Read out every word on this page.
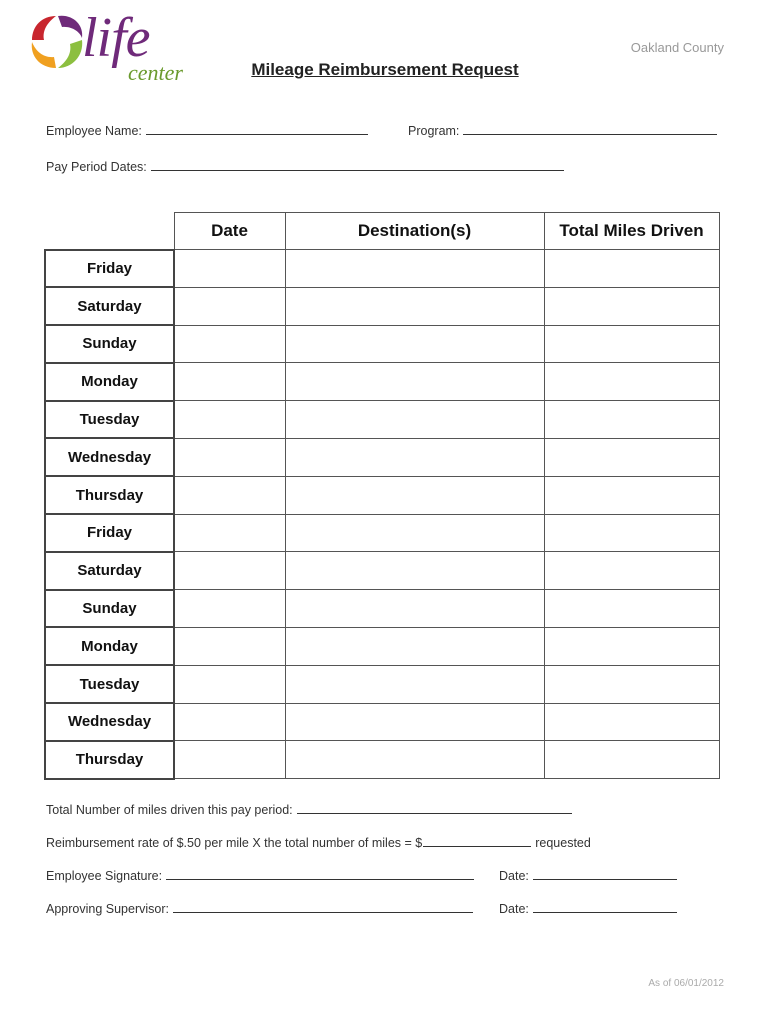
life
center
Oakland County
Mileage Reimbursement Request
Employee Name:	Program:
Pay Period Dates:
	Date	Destination(s)	Total Miles Driven
Friday			
Saturday			
Sunday			
Monday			
Tuesday			
Wednesday			
Thursday			
Friday			
Saturday			
Sunday			
Monday			
Tuesday			
Wednesday			
Thursday			
Total Number of miles driven this pay period:
Reimbursement rate of $.50 per mile X the total number of miles = $	requested
Employee Signature:	Date:
Approving Supervisor:	Date:
As of 06/01/2012
